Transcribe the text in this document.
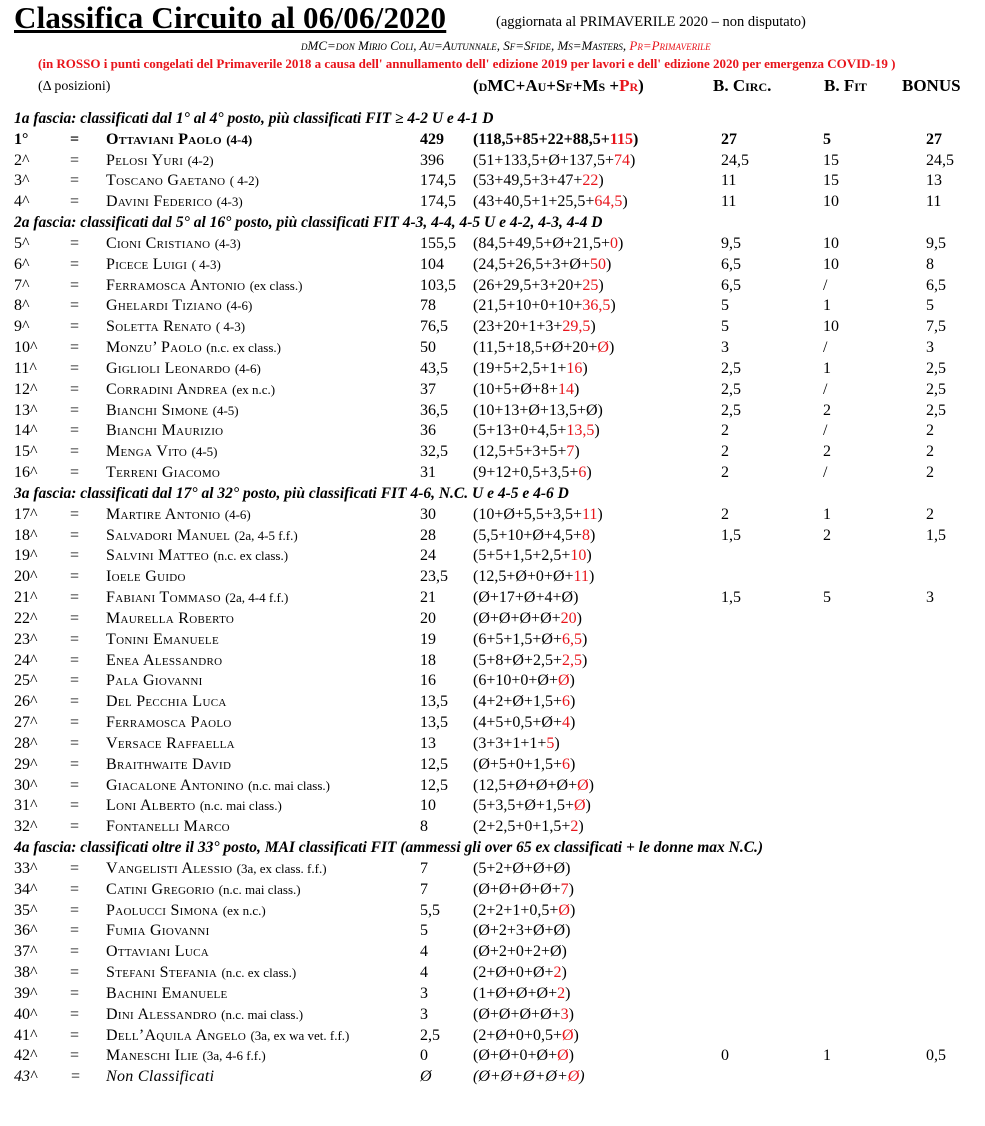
Classifica Circuito al 06/06/2020	(aggiornata al PRIMAVERILE 2020 – non disputato)
dMC=don Mirio Coli, Au=Autunnale, Sf=Sfide, Ms=Masters, Pr=Primaverile
(in ROSSO i punti congelati del Primaverile 2018 a causa dell' annullamento dell' edizione 2019 per lavori e dell' edizione 2020 per emergenza COVID-19 )
(Δ posizioni)	(dMC+Au+Sf+Ms +Pr)	B. Circ.	B. Fit BONUS
1a fascia: classificati dal 1° al 4° posto, più classificati FIT ≥ 4-2 U e 4-1 D
1°	= Ottaviani Paolo (4-4)	429 (118,5+85+22+88,5+115)	27	5	27
2^	= Pelosi Yuri (4-2)	396 (51+133,5+Ø+137,5+74)	24,5	15	24,5
3^	= Toscano Gaetano ( 4-2)	174,5 (53+49,5+3+47+22)	11	15	13
4^	= Davini Federico (4-3)	174,5 (43+40,5+1+25,5+64,5)	11	10	11
2a fascia: classificati dal 5° al 16° posto, più classificati FIT 4-3, 4-4, 4-5 U e 4-2, 4-3, 4-4 D
5^	= Cioni Cristiano (4-3)	155,5 (84,5+49,5+Ø+21,5+0)	9,5	10	9,5
6^	= Picece Luigi ( 4-3)	104 (24,5+26,5+3+Ø+50)	6,5	10	8
7^	= Ferramosca Antonio (ex class.)	103,5 (26+29,5+3+20+25)	6,5	/	6,5
8^	= Ghelardi Tiziano (4-6)	78 (21,5+10+0+10+36,5)	5	1	5
9^	= Soletta Renato ( 4-3)	76,5 (23+20+1+3+29,5)	5	10	7,5
10^ = Monzu’ Paolo (n.c. ex class.)	50 (11,5+18,5+Ø+20+Ø)	3	/	3
11^ = Giglioli Leonardo (4-6)	43,5 (19+5+2,5+1+16)	2,5	1	2,5
12^ = Corradini Andrea (ex n.c.)	37 (10+5+Ø+8+14)	2,5	/	2,5
13^ = Bianchi Simone (4-5)	36,5 (10+13+Ø+13,5+Ø)	2,5	2	2,5
14^ = Bianchi Maurizio	36 (5+13+0+4,5+13,5)	2	/	2
15^ = Menga Vito (4-5)	32,5 (12,5+5+3+5+7)	2	2	2
16^ = Terreni Giacomo	31 (9+12+0,5+3,5+6)	2	/	2
3a fascia: classificati dal 17° al 32° posto, più classificati FIT 4-6, N.C. U e 4-5 e 4-6 D
17^ = Martire Antonio (4-6)	30 (10+Ø+5,5+3,5+11)	2	1	2
18^ = Salvadori Manuel (2a, 4-5 f.f.)	28 (5,5+10+Ø+4,5+8)	1,5	2	1,5
19^ = Salvini Matteo (n.c. ex class.)	24 (5+5+1,5+2,5+10)
20^ = Ioele Guido	23,5 (12,5+Ø+0+Ø+11)
21^ = Fabiani Tommaso (2a, 4-4 f.f.)	21 (Ø+17+Ø+4+Ø)	1,5	5	3
22^ = Maurella Roberto	20 (Ø+Ø+Ø+Ø+20)
23^ = Tonini Emanuele	19 (6+5+1,5+Ø+6,5)
24^ = Enea Alessandro	18 (5+8+Ø+2,5+2,5)
25^ = Pala Giovanni	16 (6+10+0+Ø+Ø)
26^ = Del Pecchia Luca	13,5 (4+2+Ø+1,5+6)
27^ = Ferramosca Paolo	13,5 (4+5+0,5+Ø+4)
28^ = Versace Raffaella	13 (3+3+1+1+5)
29^ = Braithwaite David	12,5 (Ø+5+0+1,5+6)
30^ = Giacalone Antonino (n.c. mai class.)	12,5 (12,5+Ø+Ø+Ø+Ø)
31^ = Loni Alberto (n.c. mai class.)	10 (5+3,5+Ø+1,5+Ø)
32^ = Fontanelli Marco	8	(2+2,5+0+1,5+2)
4a fascia: classificati oltre il 33° posto, MAI classificati FIT (ammessi gli over 65 ex classificati + le donne max N.C.)
33^ = Vangelisti Alessio (3a, ex class. f.f.)	7	(5+2+Ø+Ø+Ø)
34^ = Catini Gregorio (n.c. mai class.)	7	(Ø+Ø+Ø+Ø+7)
35^ = Paolucci Simona (ex n.c.)	5,5 (2+2+1+0,5+Ø)
36^ = Fumia Giovanni	5	(Ø+2+3+Ø+Ø)
37^ = Ottaviani Luca	4	(Ø+2+0+2+Ø)
38^ = Stefani Stefania (n.c. ex class.)	4	(2+Ø+0+Ø+2)
39^ = Bachini Emanuele	3	(1+Ø+Ø+Ø+2)
40^ = Dini Alessandro (n.c. mai class.)	3	(Ø+Ø+Ø+Ø+3)
41^ = Dell’Aquila Angelo (3a, ex wa vet. f.f.)	2,5 (2+Ø+0+0,5+Ø)
42^ = Maneschi Ilie (3a, 4-6 f.f.)	0	(Ø+Ø+0+Ø+Ø)	0	1	0,5
43^ = Non Classificati	Ø	(Ø+Ø+Ø+Ø+Ø)
